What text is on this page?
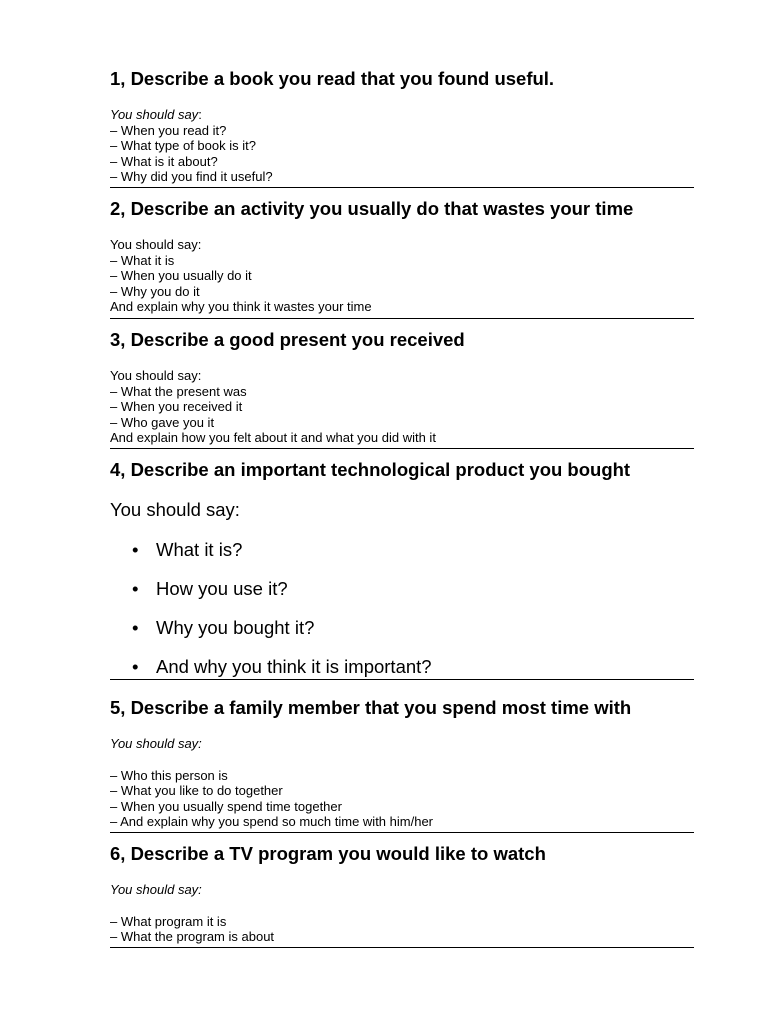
1, Describe a book you read that you found useful.

You should say:

– When you read it?
– What type of book is it?
– What is it about?
– Why did you find it useful?
2, Describe an activity you usually do that wastes your time

You should say:

– What it is
– When you usually do it
– Why you do it
And explain why you think it wastes your time
3, Describe a good present you received

You should say:

– What the present was
– When you received it
– Who gave you it
And explain how you felt about it and what you did with it
4, Describe an important technological product you bought

You should say:

• What it is?
• How you use it?
• Why you bought it?
• And why you think it is important?
5, Describe a family member that you spend most time with

You should say:

– Who this person is
– What you like to do together
– When you usually spend time together
– And explain why you spend so much time with him/her
6, Describe a TV program you would like to watch

You should say:

– What program it is
– What the program is about
